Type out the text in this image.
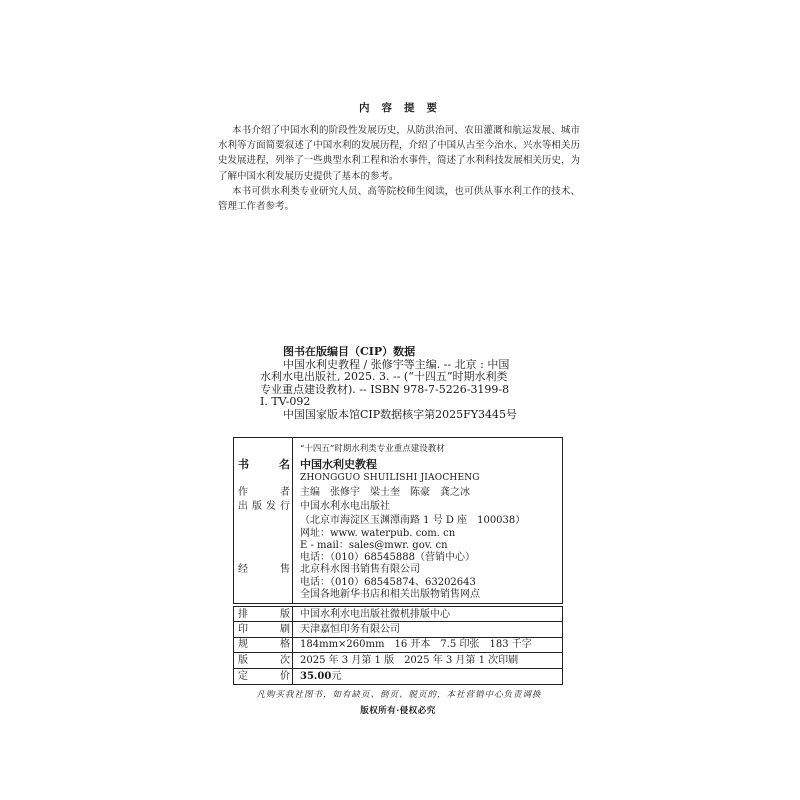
内容提要
本书介绍了中国水利的阶段性发展历史，从防洪治河、农田灌溉和航运发展、城市
水利等方面简要叙述了中国水利的发展历程，介绍了中国从古至今治水、兴水等相关历
史发展进程，列举了一些典型水利工程和治水事件，简述了水利科技发展相关历史，为
了解中国水利发展历史提供了基本的参考。
本书可供水利类专业研究人员、高等院校师生阅读，也可供从事水利工作的技术、
管理工作者参考。
图书在版编目（CIP）数据
中国水利史教程 / 张修宇等主编. -- 北京 : 中国
水利水电出版社, 2025. 3. -- (“十四五”时期水利类
专业重点建设教材). -- ISBN 978-7-5226-3199-8
Ⅰ. TV-092
中国国家版本馆CIP数据核字第2025FY3445号
“十四五”时期水利类专业重点建设教材
书名 中国水利史教程
ZHONGGUO SHUILISHI JIAOCHENG
作者 主编　张修宇　梁士奎　陈豪　龚之冰
出版发行 中国水利水电出版社
（北京市海淀区玉渊潭南路 1 号 D 座　100038）
网址：www. waterpub. com. cn
E - mail：sales@mwr. gov. cn
电话：（010）68545888（营销中心）
经售 北京科水图书销售有限公司
电话：（010）68545874、63202643
全国各地新华书店和相关出版物销售网点
排版 中国水利水电出版社微机排版中心
印刷 天津嘉恒印务有限公司
规格 184mm×260mm　16 开本　7.5 印张　183 千字
版次 2025 年 3 月第 1 版　2025 年 3 月第 1 次印刷
定价 35.00元
凡购买我社图书，如有缺页、倒页、脱页的，本社营销中心负责调换
版权所有·侵权必究
